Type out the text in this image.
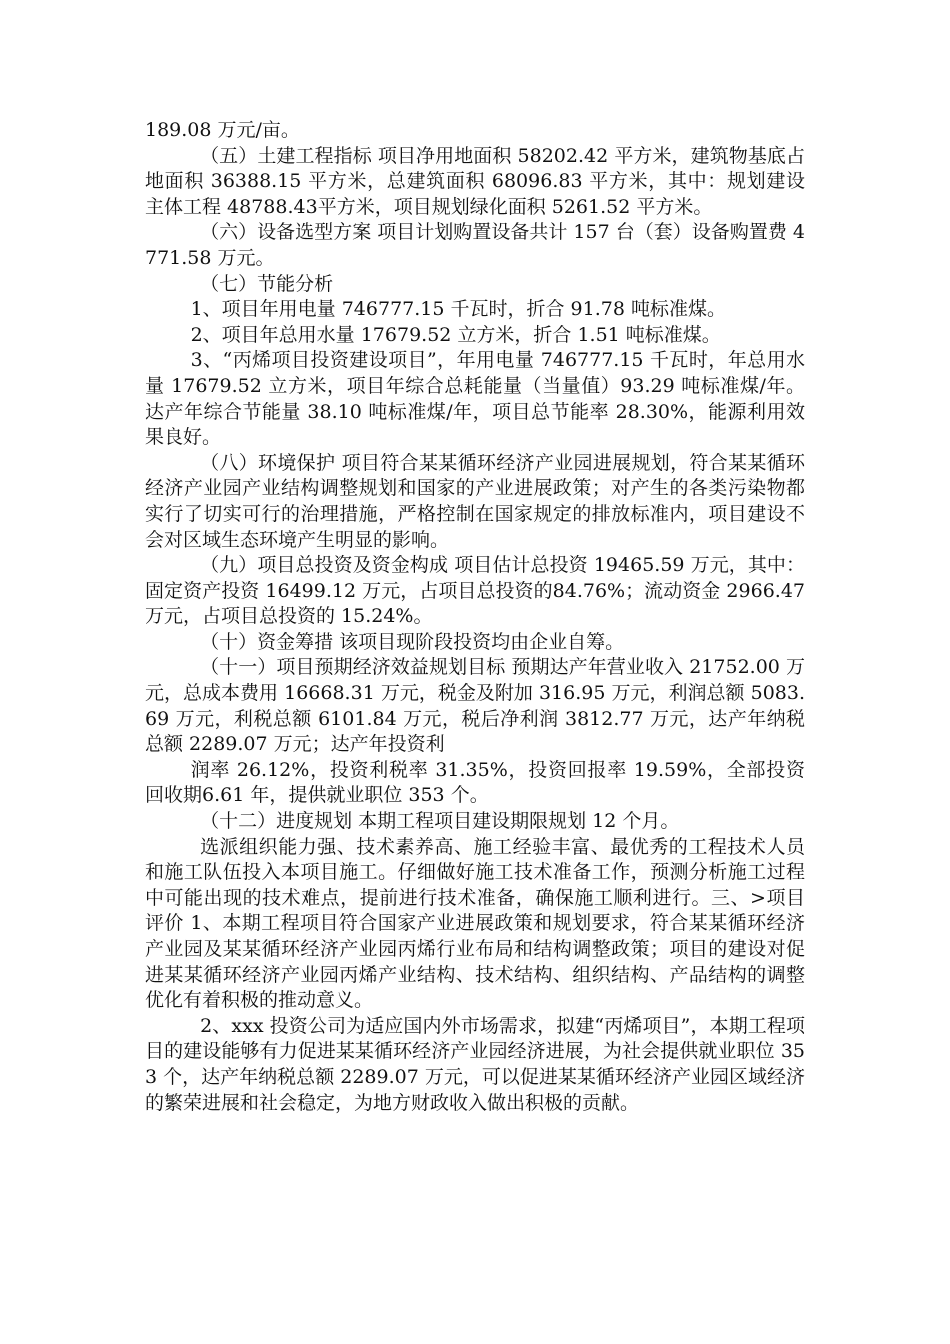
189.08 万元/亩。

（五）土建工程指标 项目净用地面积 58202.42 平方米，建筑物基底占地面积 36388.15 平方米，总建筑面积 68096.83 平方米，其中：规划建设主体工程 48788.43平方米，项目规划绿化面积 5261.52 平方米。

（六）设备选型方案 项目计划购置设备共计 157 台（套）设备购置费 4771.58 万元。

（七）节能分析

1、项目年用电量 746777.15 千瓦时，折合 91.78 吨标准煤。

2、项目年总用水量 17679.52 立方米，折合 1.51 吨标准煤。

3、“丙烯项目投资建设项目”，年用电量 746777.15 千瓦时，年总用水量 17679.52 立方米，项目年综合总耗能量（当量值）93.29 吨标准煤/年。达产年综合节能量 38.10 吨标准煤/年，项目总节能率 28.30%，能源利用效果良好。

（八）环境保护 项目符合某某循环经济产业园进展规划，符合某某循环经济产业园产业结构调整规划和国家的产业进展政策；对产生的各类污染物都实行了切实可行的治理措施，严格控制在国家规定的排放标准内，项目建设不会对区域生态环境产生明显的影响。

（九）项目总投资及资金构成 项目估计总投资 19465.59 万元，其中：固定资产投资 16499.12 万元，占项目总投资的84.76%；流动资金 2966.47 万元，占项目总投资的 15.24%。

（十）资金筹措 该项目现阶段投资均由企业自筹。

（十一）项目预期经济效益规划目标 预期达产年营业收入 21752.00 万元，总成本费用 16668.31 万元，税金及附加 316.95 万元，利润总额 5083.69 万元，利税总额 6101.84 万元，税后净利润 3812.77 万元，达产年纳税总额 2289.07 万元；达产年投资利

润率 26.12%，投资利税率 31.35%，投资回报率 19.59%，全部投资回收期6.61 年，提供就业职位 353 个。

（十二）进度规划 本期工程项目建设期限规划 12 个月。

选派组织能力强、技术素养高、施工经验丰富、最优秀的工程技术人员和施工队伍投入本项目施工。仔细做好施工技术准备工作，预测分析施工过程中可能出现的技术难点，提前进行技术准备，确保施工顺利进行。三、>项目评价 1、本期工程项目符合国家产业进展政策和规划要求，符合某某循环经济产业园及某某循环经济产业园丙烯行业布局和结构调整政策；项目的建设对促进某某循环经济产业园丙烯产业结构、技术结构、组织结构、产品结构的调整优化有着积极的推动意义。

2、xxx 投资公司为适应国内外市场需求，拟建“丙烯项目”，本期工程项目的建设能够有力促进某某循环经济产业园经济进展，为社会提供就业职位 353 个，达产年纳税总额 2289.07 万元，可以促进某某循环经济产业园区域经济的繁荣进展和社会稳定，为地方财政收入做出积极的贡献。
